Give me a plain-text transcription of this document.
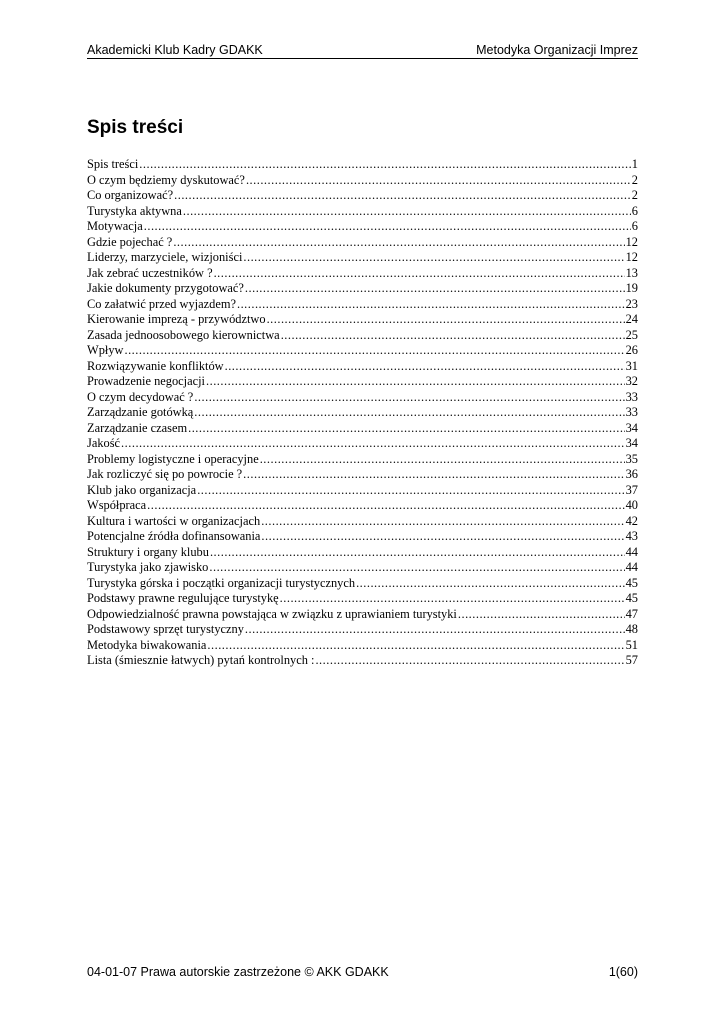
Akademicki Klub Kadry GDAKK	Metodyka Organizacji Imprez
Spis treści
Spis treści .....	1
O czym będziemy dyskutować? .....	2
Co organizować? .....	2
Turystyka aktywna .....	6
Motywacja .....	6
Gdzie pojechać ? .....	12
Liderzy, marzyciele, wizjoniści .....	12
Jak zebrać uczestników ? .....	13
Jakie dokumenty przygotować? .....	19
Co załatwić przed wyjazdem? .....	23
Kierowanie imprezą - przywództwo .....	24
Zasada jednoosobowego kierownictwa .....	25
Wpływ .....	26
Rozwiązywanie konfliktów .....	31
Prowadzenie negocjacji .....	32
O czym decydować ? .....	33
Zarządzanie gotówką .....	33
Zarządzanie czasem .....	34
Jakość .....	34
Problemy logistyczne i operacyjne .....	35
Jak rozliczyć się po powrocie ? .....	36
Klub jako organizacja .....	37
Współpraca .....	40
Kultura i wartości w organizacjach .....	42
Potencjalne źródła dofinansowania .....	43
Struktury i organy klubu .....	44
Turystyka jako zjawisko .....	44
Turystyka górska i początki organizacji turystycznych .....	45
Podstawy prawne regulujące turystykę .....	45
Odpowiedzialność prawna powstająca w związku z uprawianiem turystyki .....	47
Podstawowy sprzęt turystyczny .....	48
Metodyka biwakowania .....	51
Lista (śmiesznie łatwych) pytań kontrolnych : .....	57
04-01-07 Prawa autorskie zastrzeżone © AKK GDAKK	1(60)
